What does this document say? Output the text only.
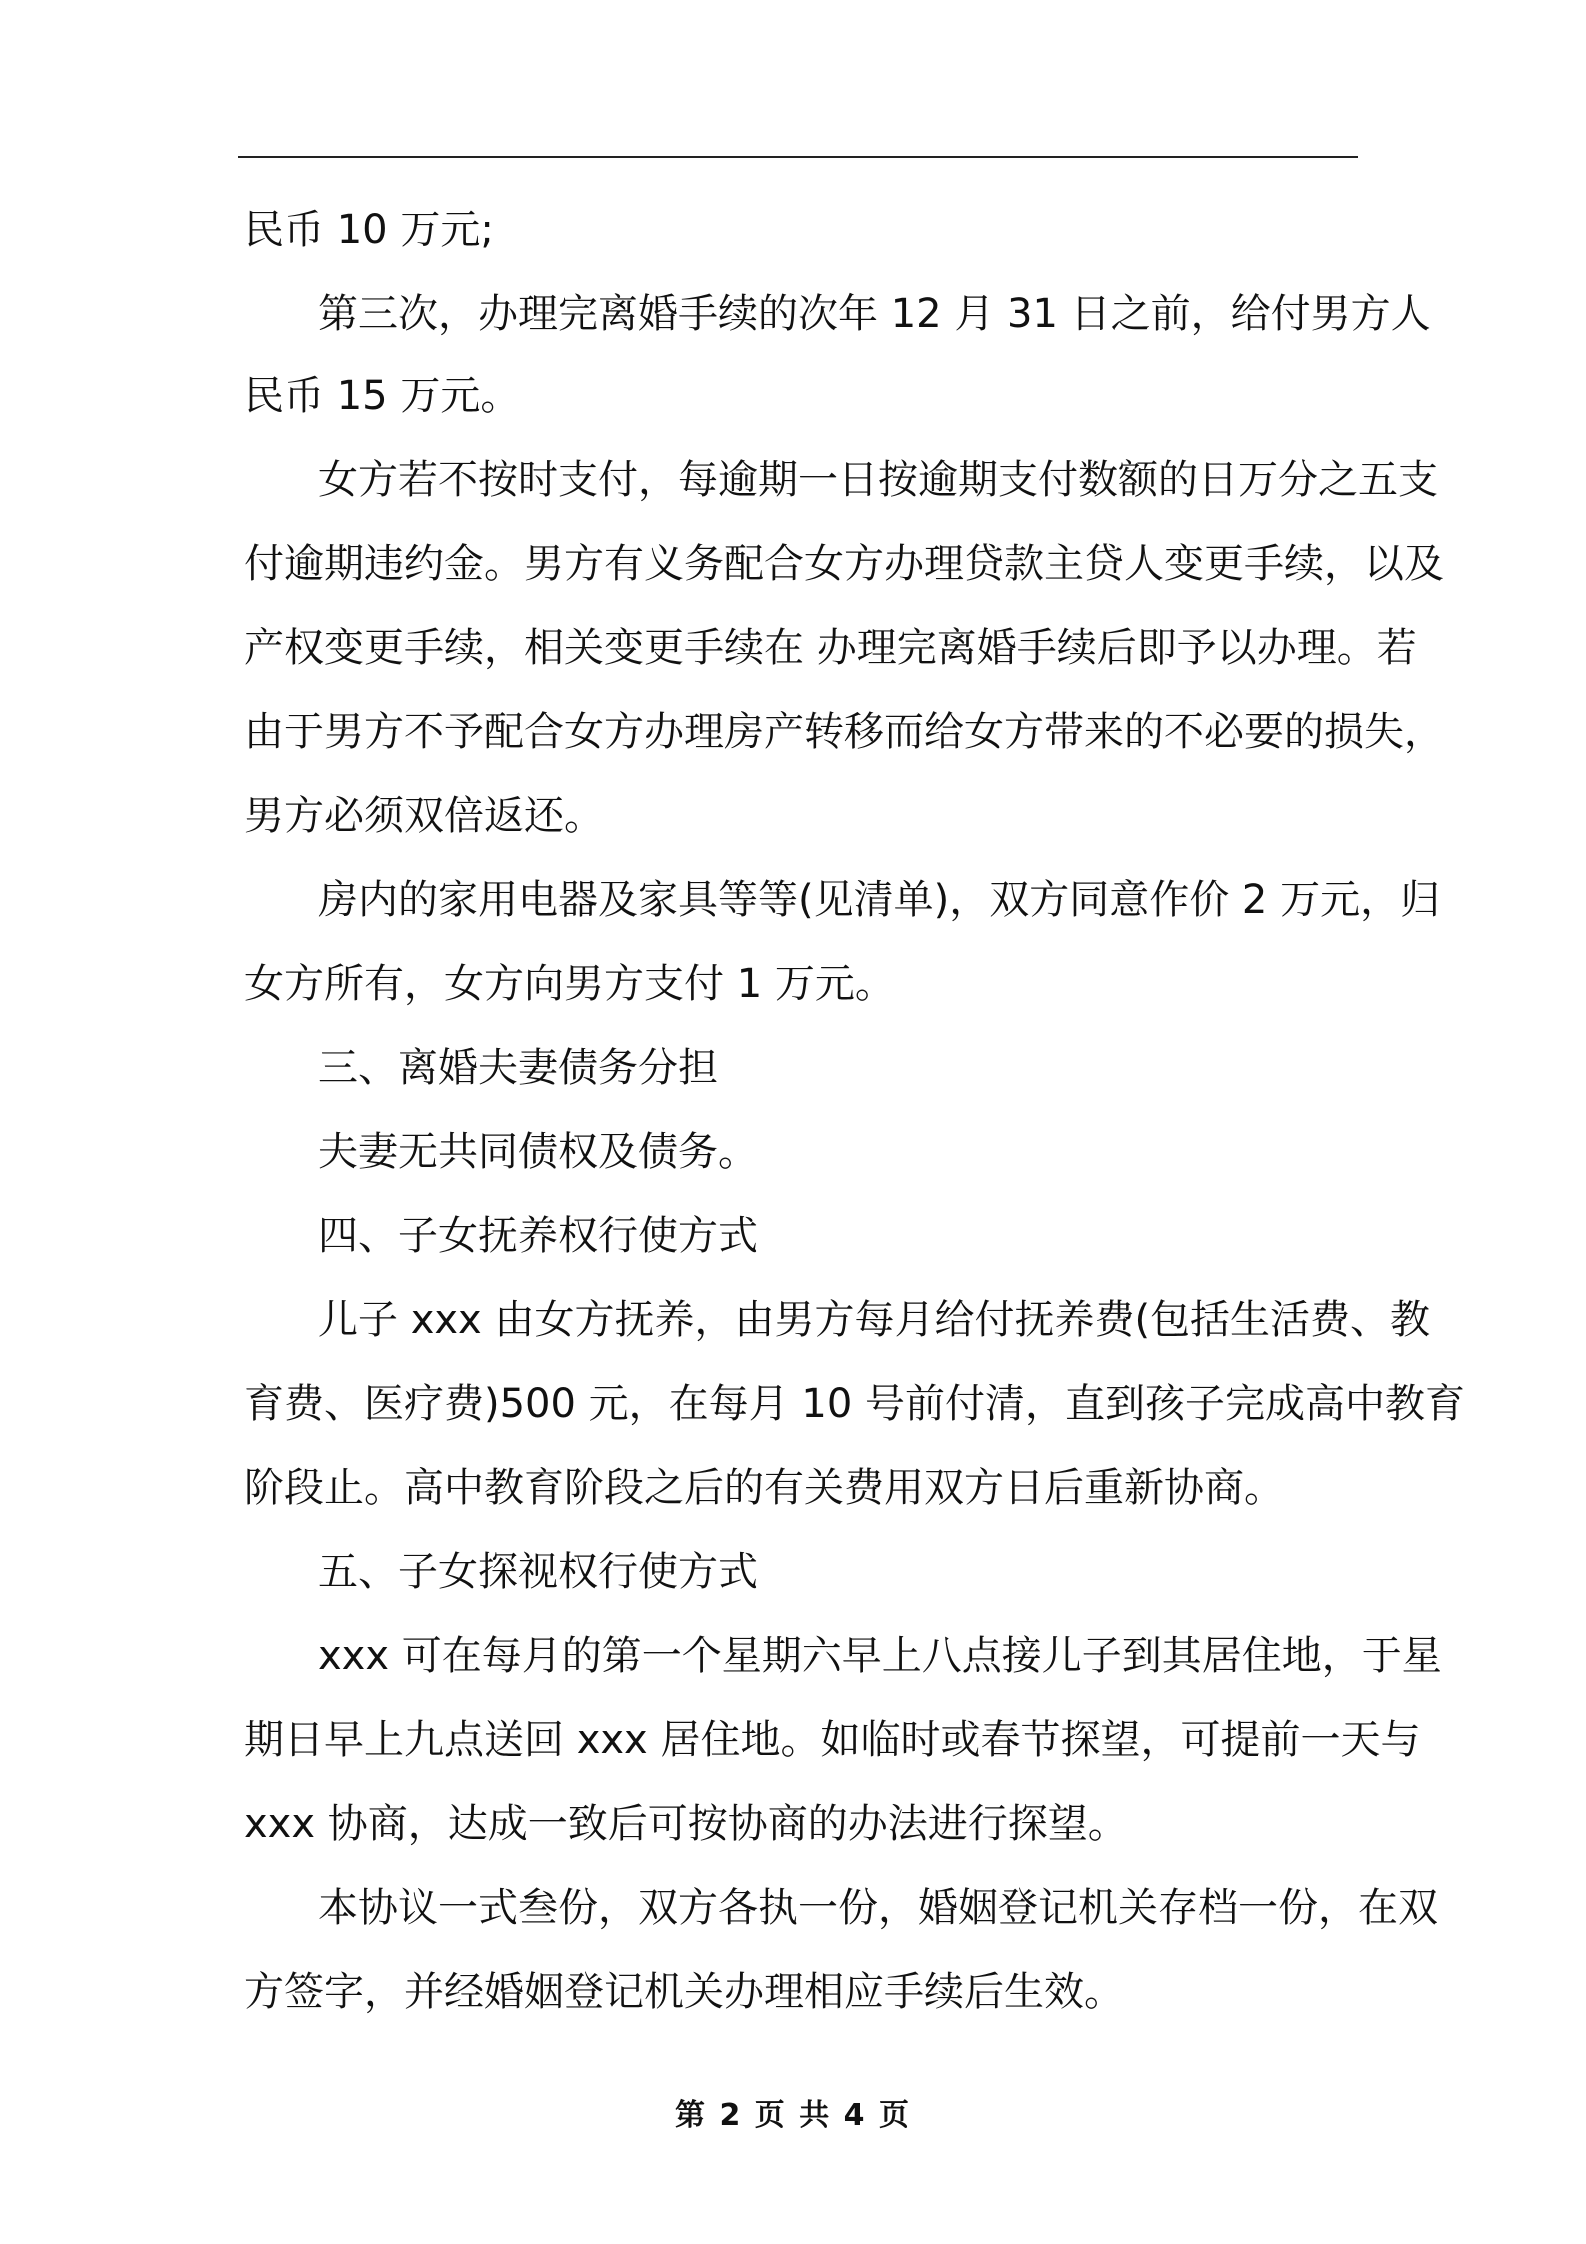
民币 10 万元;
第三次，办理完离婚手续的次年 12 月 31 日之前，给付男方人
民币 15 万元。
女方若不按时支付，每逾期一日按逾期支付数额的日万分之五支
付逾期违约金。男方有义务配合女方办理贷款主贷人变更手续，以及
产权变更手续，相关变更手续在 办理完离婚手续后即予以办理。若
由于男方不予配合女方办理房产转移而给女方带来的不必要的损失，
男方必须双倍返还。
房内的家用电器及家具等等(见清单)，双方同意作价 2 万元，归
女方所有，女方向男方支付 1 万元。
三、离婚夫妻债务分担
夫妻无共同债权及债务。
四、子女抚养权行使方式
儿子 xxx 由女方抚养，由男方每月给付抚养费(包括生活费、教
育费、医疗费)500 元，在每月 10 号前付清，直到孩子完成高中教育
阶段止。高中教育阶段之后的有关费用双方日后重新协商。
五、子女探视权行使方式
xxx 可在每月的第一个星期六早上八点接儿子到其居住地，于星
期日早上九点送回 xxx 居住地。如临时或春节探望，可提前一天与
xxx 协商，达成一致后可按协商的办法进行探望。
本协议一式叁份，双方各执一份，婚姻登记机关存档一份，在双
方签字，并经婚姻登记机关办理相应手续后生效。
第 2 页 共 4 页
